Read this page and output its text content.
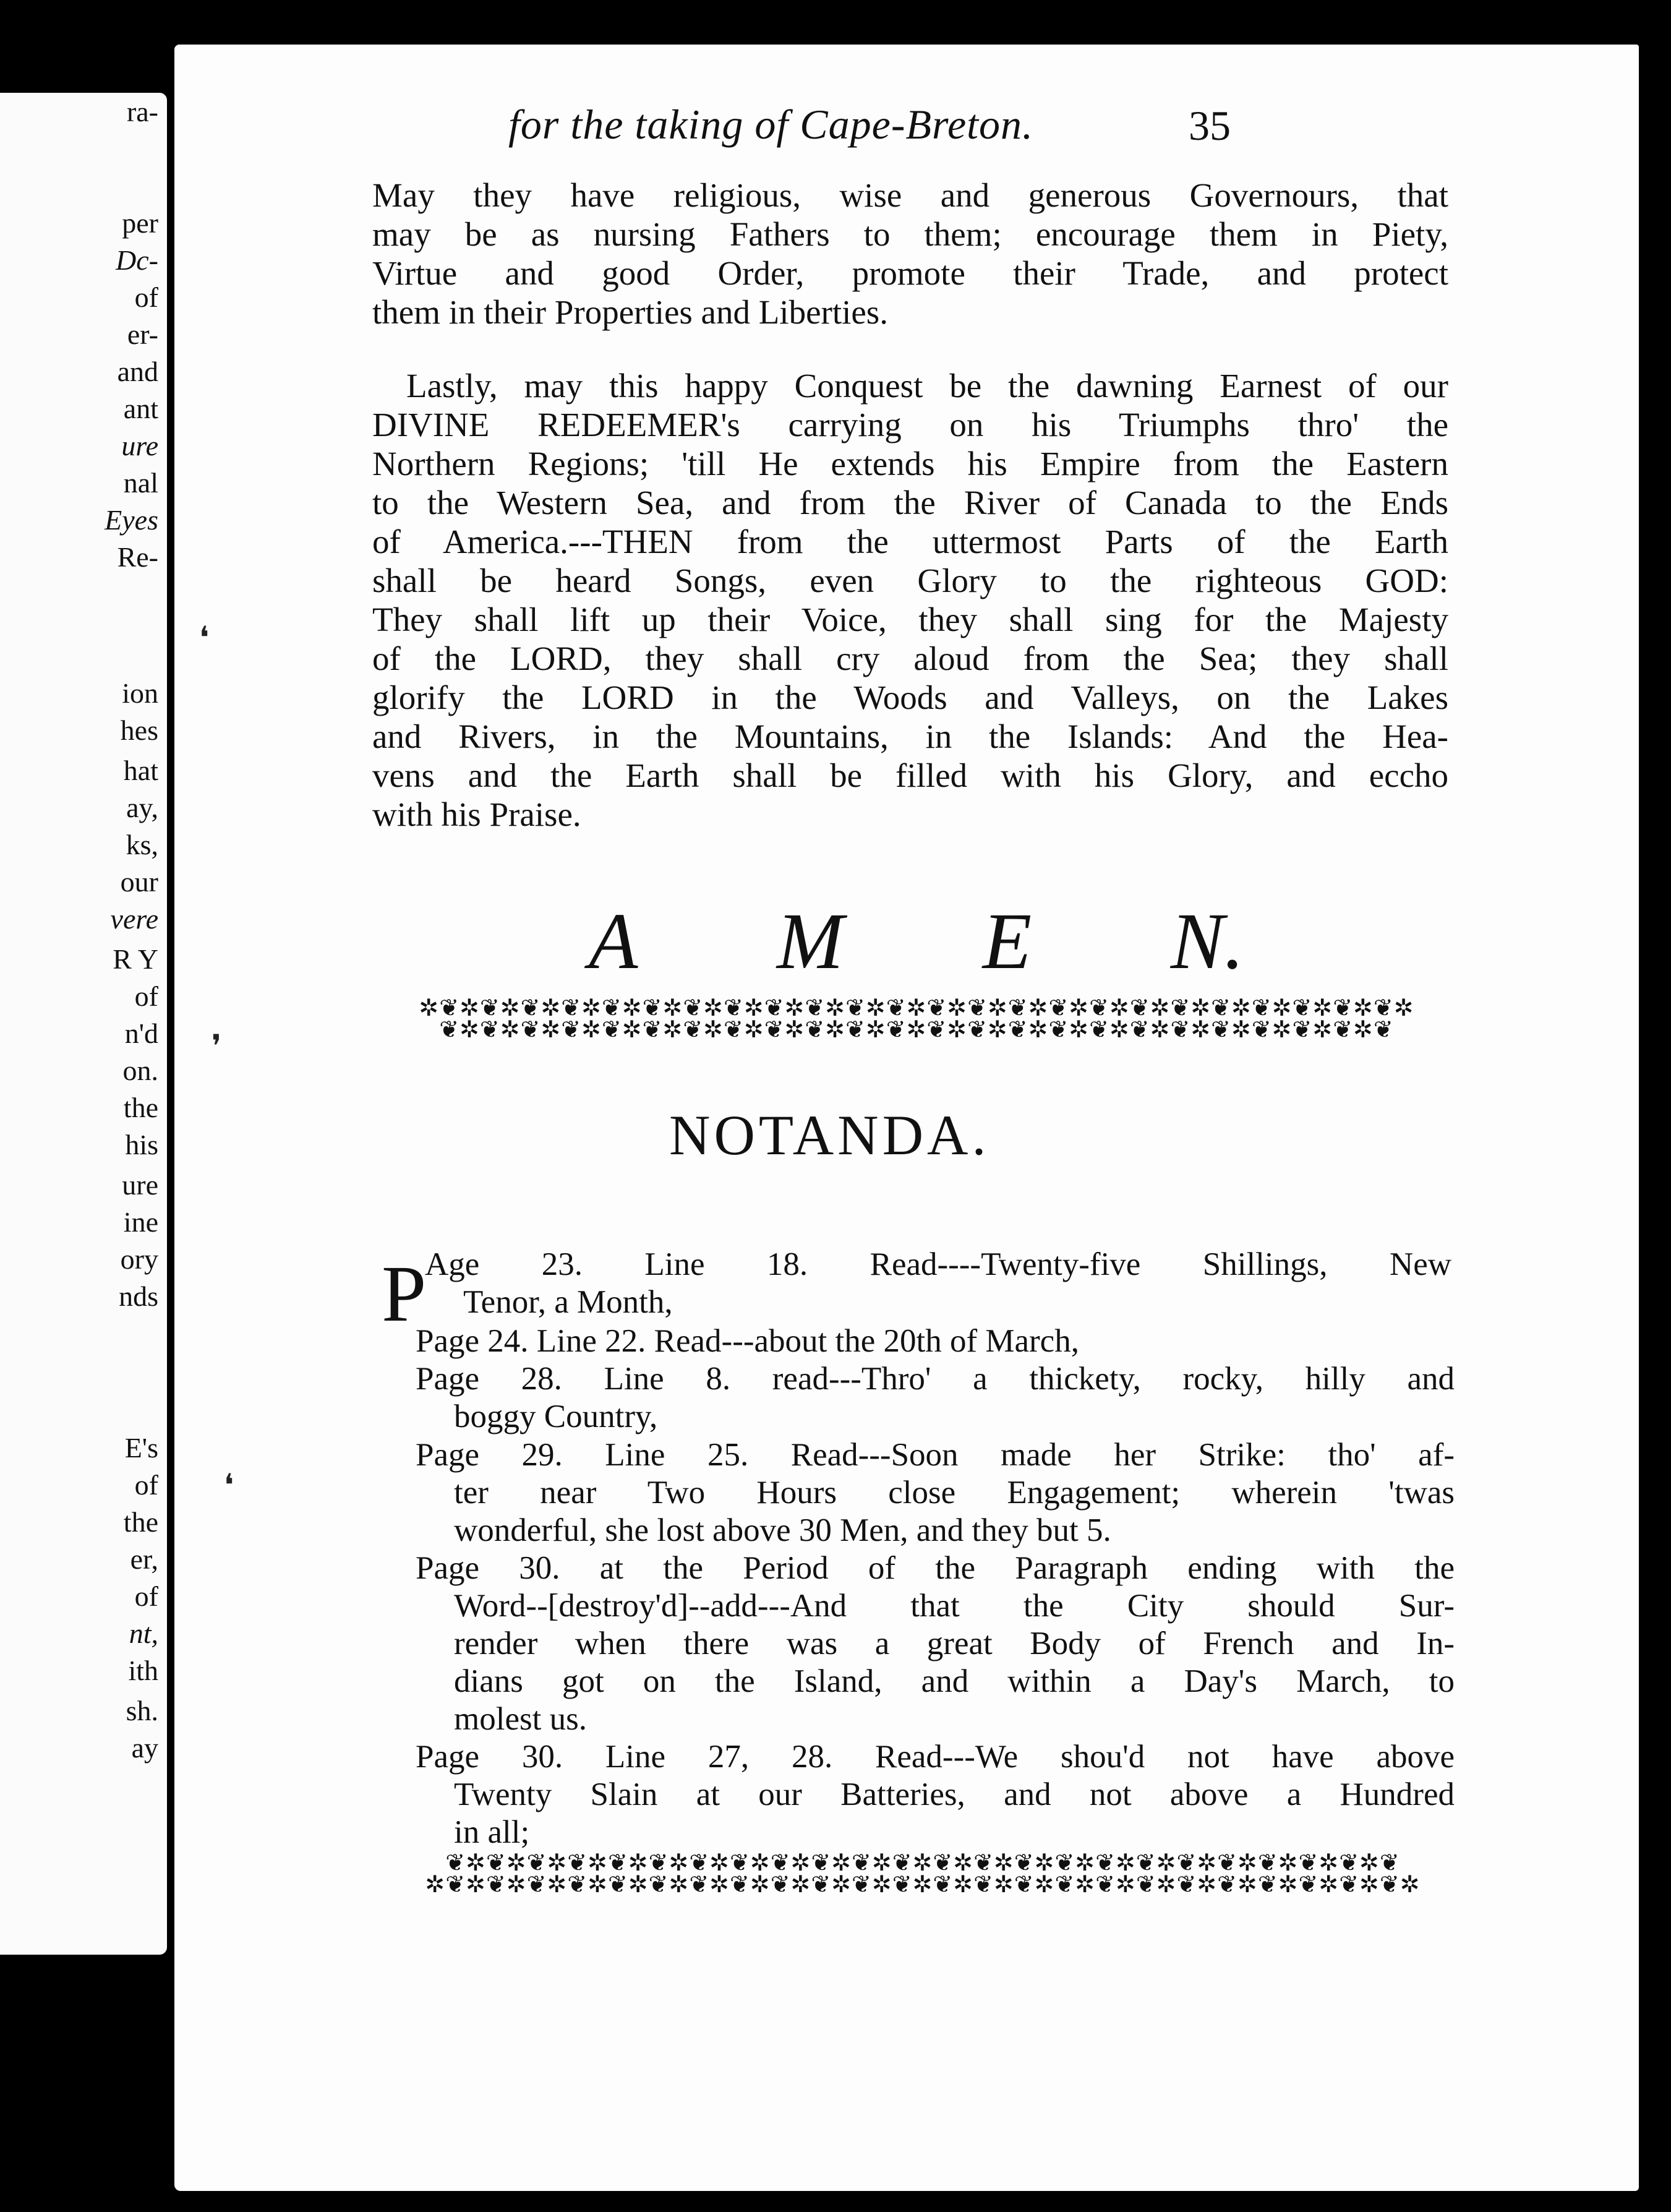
ra-
per
Dc-
of
er-
and
ant
ure
nal
Eyes
Re-
ion
hes
hat
ay,
ks,
our
vere
R Y
of
n'd
on.
the
his
ure
ine
ory
nds
E's
of
the
er,
of
nt,
ith
sh.
ay
for the taking of Cape-Breton.	35
May they have religious, wise and generous Governours, that
may be as nursing Fathers to them; encourage them in Piety,
Virtue and good Order, promote their Trade, and protect
them in their Properties and Liberties.
Lastly, may this happy Conquest be the dawning Earnest of our
DIVINE REDEEMER's carrying on his Triumphs thro' the
Northern Regions; 'till He extends his Empire from the Eastern
to the Western Sea, and from the River of Canada to the Ends
of America.---THEN from the uttermost Parts of the Earth
shall be heard Songs, even Glory to the righteous GOD:
They shall lift up their Voice, they shall sing for the Majesty
of the LORD, they shall cry aloud from the Sea; they shall
glorify the LORD in the Woods and Valleys, on the Lakes
and Rivers, in the Mountains, in the Islands: And the Hea-
vens and the Earth shall be filled with his Glory, and eccho
with his Praise.
A M E N.
✲❦✲❦✲❦✲❦✲❦✲❦✲❦✲❦✲❦✲❦✲❦✲❦✲❦✲❦✲❦✲❦✲❦✲❦✲❦✲❦✲❦✲❦✲❦✲❦✲
❦✲❦✲❦✲❦✲❦✲❦✲❦✲❦✲❦✲❦✲❦✲❦✲❦✲❦✲❦✲❦✲❦✲❦✲❦✲❦✲❦✲❦✲❦✲❦
NOTANDA.
P
Age 23. Line 18. Read----Twenty-five Shillings, New
Tenor, a Month,
Page 24. Line 22. Read---about the 20th of March,
Page 28. Line 8. read---Thro' a thickety, rocky, hilly and
boggy Country,
Page 29. Line 25. Read---Soon made her Strike: tho' af-
ter near Two Hours close Engagement; wherein 'twas
wonderful, she lost above 30 Men, and they but 5.
Page 30. at the Period of the Paragraph ending with the
Word--[destroy'd]--add---And that the City should Sur-
render when there was a great Body of French and In-
dians got on the Island, and within a Day's March, to
molest us.
Page 30. Line 27, 28. Read---We shou'd not have above
Twenty Slain at our Batteries, and not above a Hundred
in all;
❦✲❦✲❦✲❦✲❦✲❦✲❦✲❦✲❦✲❦✲❦✲❦✲❦✲❦✲❦✲❦✲❦✲❦✲❦✲❦✲❦✲❦✲❦✲❦
✲❦✲❦✲❦✲❦✲❦✲❦✲❦✲❦✲❦✲❦✲❦✲❦✲❦✲❦✲❦✲❦✲❦✲❦✲❦✲❦✲❦✲❦✲❦✲❦✲
❛
❜
❛
